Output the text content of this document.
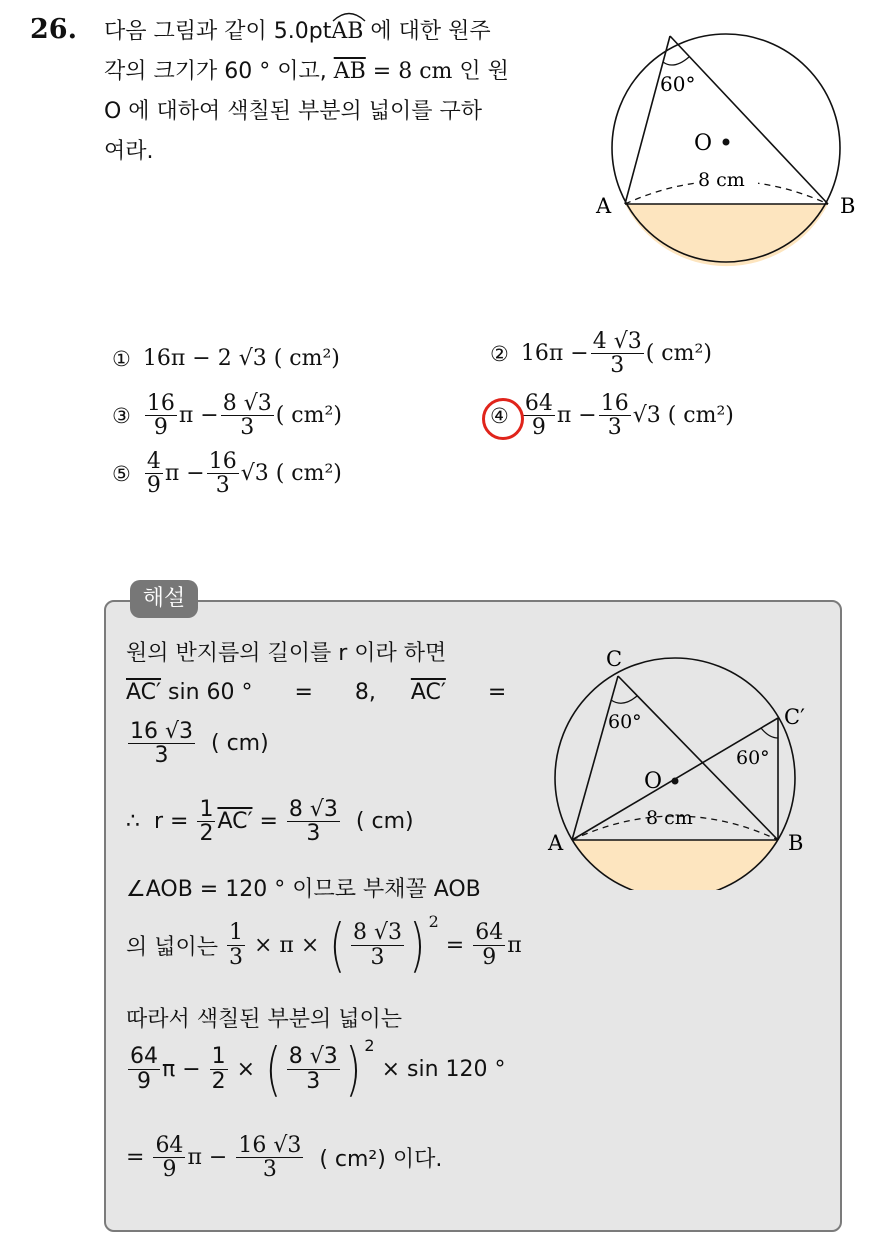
26. 다음 그림과 같이 5.0pt
AB 에 대한 원주
각의 크기가 60 ° 이고, $\overline{AB} = 8$ cm 인 원
O 에 대하여 색칠된 부분의 넓이를 구하
여라.
60°
O
8 cm
A	B
① 16π − 2 √3 ( cm²)	② $16\pi - \frac{4 √3}{3}$ ( cm²)
③ $\frac{16}{9}$ $\pi - \frac{8 √3}{3}$ ( cm²)	④ $\frac{64}{9}$ $\pi - \frac{16}{3} √3$ ( cm²)
⑤ $\frac{4}{9}$ $\pi - \frac{16}{3} √3$ ( cm²)
해설
원의 반지름의 길이를 r 이라 하면
AC′ sin 60 °      =      8, AC′ =
$\frac{16 √3}{3}$ ( cm)
∴  $r = \frac{1}{2} AC' = \frac{8 √3}{3}$ ( cm)
∠AOB = 120 ° 이므로 부채꼴 AOB
의 넓이는 $\frac{1}{3} \times \pi$ × ( $\frac{8 √3}{3}$ ) 2
= $\frac{64}{9}$ π
따라서 색칠된 부분의 넓이는
$\frac{64}{9}$ $\pi - \frac{1}{2}$ × ( $\frac{8 √3}{3}$ ) 2
× sin 120 °
= $\frac{64}{9}$ $\pi - \frac{16 √3}{3}$ ( cm²) 이다.
C
C′
60°
60°
O
8 cm
A	B
